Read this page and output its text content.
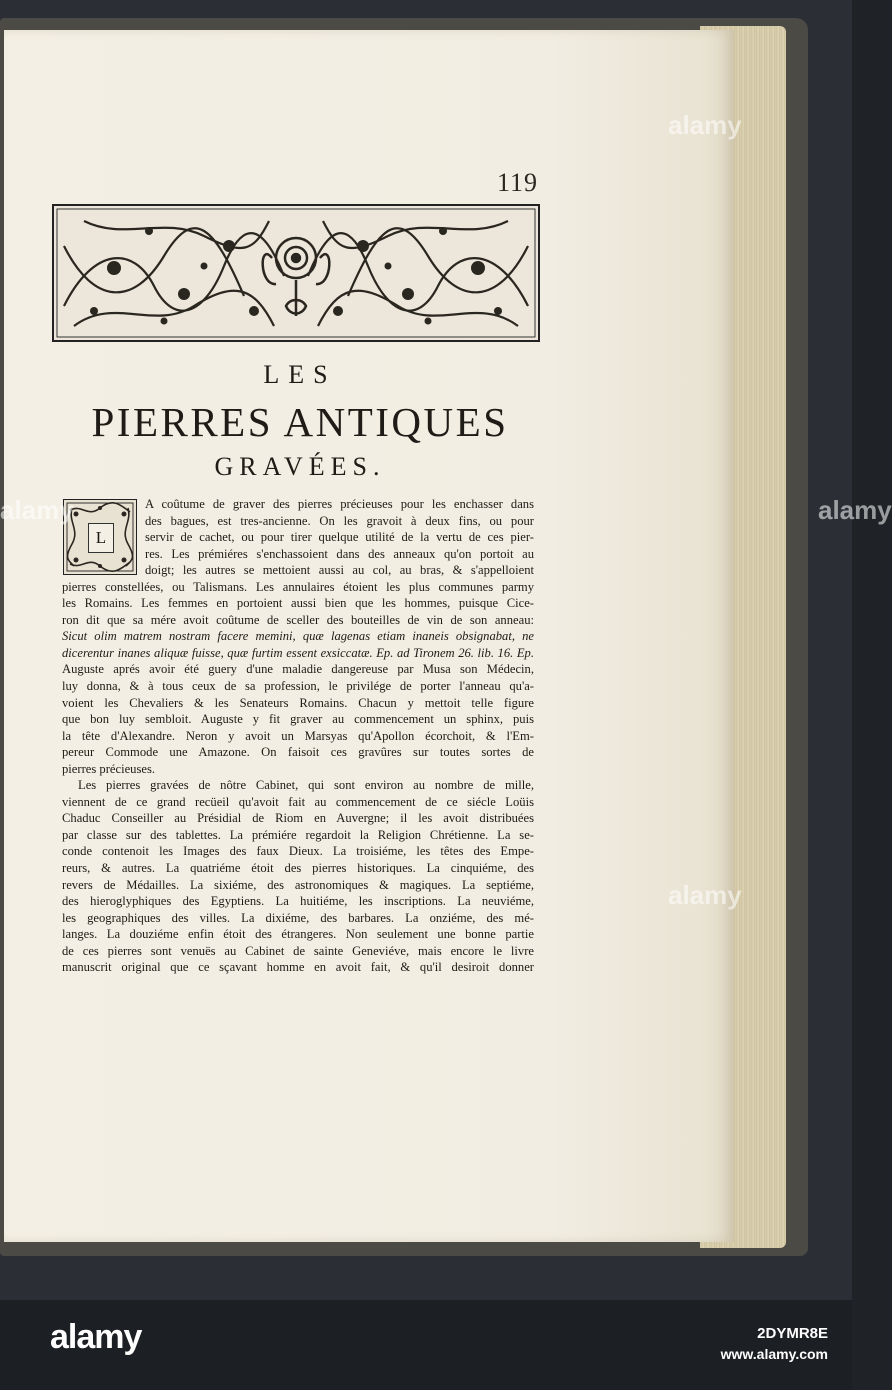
119
LES
PIERRES ANTIQUES
GRAVÉES.
L
A coûtume de graver des pierres précieuses pour les enchasser dans
des bagues, est tres-ancienne. On les gravoit à deux fins, ou pour
servir de cachet, ou pour tirer quelque utilité de la vertu de ces pier-
res. Les prémiéres s'enchassoient dans des anneaux qu'on portoit au
doigt; les autres se mettoient aussi au col, au bras, & s'appelloient
pierres constellées, ou Talismans. Les annulaires étoient les plus communes parmy
les Romains. Les femmes en portoient aussi bien que les hommes, puisque Cice-
ron dit que sa mére avoit coûtume de sceller des bouteilles de vin de son anneau:
Sicut olim matrem nostram facere memini, quæ lagenas etiam inaneis obsignabat, ne
dicerentur inanes aliquæ fuisse, quæ furtim essent exsiccatæ. Ep. ad Tironem 26. lib. 16. Ep.
Auguste aprés avoir été guery d'une maladie dangereuse par Musa son Médecin,
luy donna, & à tous ceux de sa profession, le privilége de porter l'anneau qu'a-
voient les Chevaliers & les Senateurs Romains. Chacun y mettoit telle figure
que bon luy sembloit. Auguste y fit graver au commencement un sphinx, puis
la tête d'Alexandre. Neron y avoit un Marsyas qu'Apollon écorchoit, & l'Em-
pereur Commode une Amazone. On faisoit ces gravûres sur toutes sortes de
pierres précieuses.
Les pierres gravées de nôtre Cabinet, qui sont environ au nombre de mille,
viennent de ce grand recüeil qu'avoit fait au commencement de ce siécle Loüis
Chaduc Conseiller au Présidial de Riom en Auvergne; il les avoit distribuées
par classe sur des tablettes. La prémiére regardoit la Religion Chrétienne. La se-
conde contenoit les Images des faux Dieux. La troisiéme, les têtes des Empe-
reurs, & autres. La quatriéme étoit des pierres historiques. La cinquiéme, des
revers de Médailles. La sixiéme, des astronomiques & magiques. La septiéme,
des hieroglyphiques des Egyptiens. La huitiéme, les inscriptions. La neuviéme,
les geographiques des villes. La dixiéme, des barbares. La onziéme, des mé-
langes. La douziéme enfin étoit des étrangeres. Non seulement une bonne partie
de ces pierres sont venuës au Cabinet de sainte Geneviéve, mais encore le livre
manuscrit original que ce sçavant homme en avoit fait, & qu'il desiroit donner
alamy
alamy
alamy
alamy
alamy	2DYMR8E
www.alamy.com
